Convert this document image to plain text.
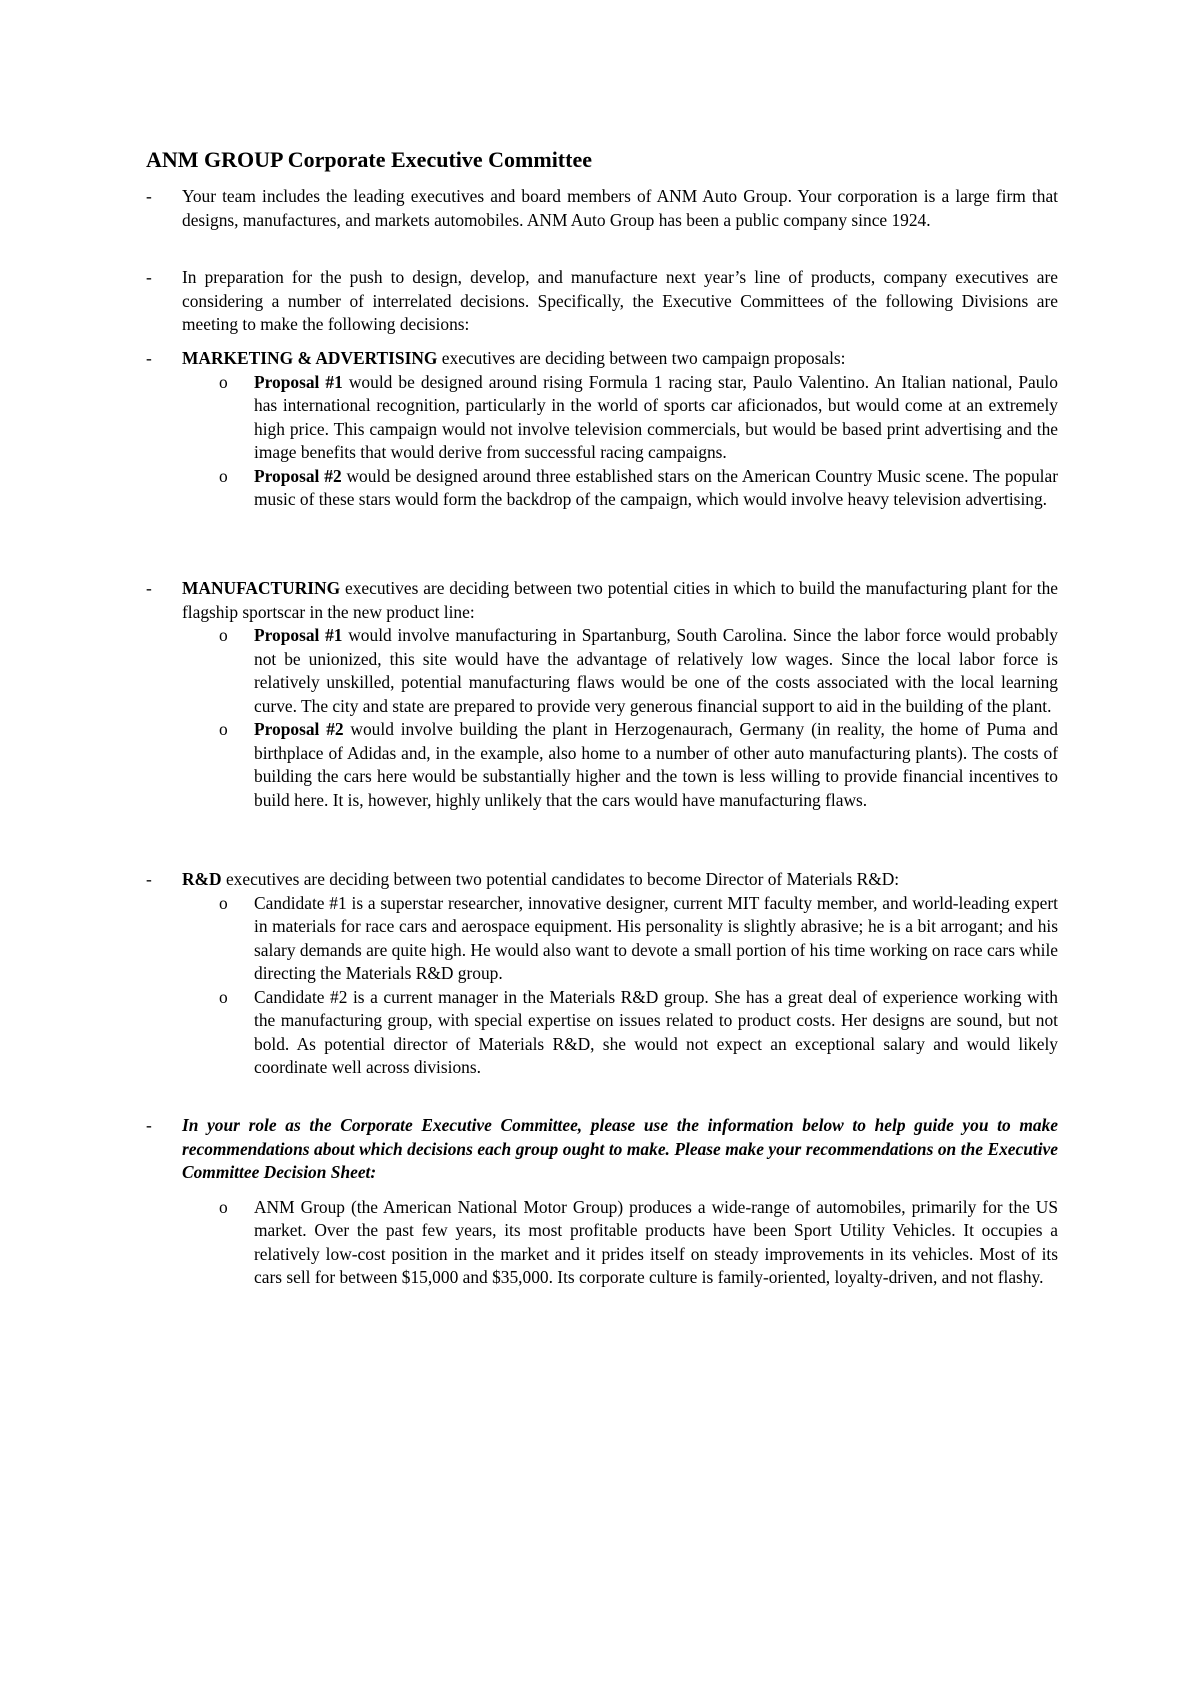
ANM GROUP Corporate Executive Committee
- Your team includes the leading executives and board members of ANM Auto Group. Your corporation is a large firm that designs, manufactures, and markets automobiles. ANM Auto Group has been a public company since 1924.
- In preparation for the push to design, develop, and manufacture next year’s line of products, company executives are considering a number of interrelated decisions. Specifically, the Executive Committees of the following Divisions are meeting to make the following decisions:
- MARKETING & ADVERTISING executives are deciding between two campaign proposals:
o Proposal #1 would be designed around rising Formula 1 racing star, Paulo Valentino. An Italian national, Paulo has international recognition, particularly in the world of sports car aficionados, but would come at an extremely high price. This campaign would not involve television commercials, but would be based print advertising and the image benefits that would derive from successful racing campaigns.
o Proposal #2 would be designed around three established stars on the American Country Music scene. The popular music of these stars would form the backdrop of the campaign, which would involve heavy television advertising.
- MANUFACTURING executives are deciding between two potential cities in which to build the manufacturing plant for the flagship sportscar in the new product line:
o Proposal #1 would involve manufacturing in Spartanburg, South Carolina. Since the labor force would probably not be unionized, this site would have the advantage of relatively low wages. Since the local labor force is relatively unskilled, potential manufacturing flaws would be one of the costs associated with the local learning curve. The city and state are prepared to provide very generous financial support to aid in the building of the plant.
o Proposal #2 would involve building the plant in Herzogenaurach, Germany (in reality, the home of Puma and birthplace of Adidas and, in the example, also home to a number of other auto manufacturing plants). The costs of building the cars here would be substantially higher and the town is less willing to provide financial incentives to build here. It is, however, highly unlikely that the cars would have manufacturing flaws.
- R&D executives are deciding between two potential candidates to become Director of Materials R&D:
o Candidate #1 is a superstar researcher, innovative designer, current MIT faculty member, and world-leading expert in materials for race cars and aerospace equipment. His personality is slightly abrasive; he is a bit arrogant; and his salary demands are quite high. He would also want to devote a small portion of his time working on race cars while directing the Materials R&D group.
o Candidate #2 is a current manager in the Materials R&D group. She has a great deal of experience working with the manufacturing group, with special expertise on issues related to product costs. Her designs are sound, but not bold. As potential director of Materials R&D, she would not expect an exceptional salary and would likely coordinate well across divisions.
- In your role as the Corporate Executive Committee, please use the information below to help guide you to make recommendations about which decisions each group ought to make. Please make your recommendations on the Executive Committee Decision Sheet:
o ANM Group (the American National Motor Group) produces a wide-range of automobiles, primarily for the US market. Over the past few years, its most profitable products have been Sport Utility Vehicles. It occupies a relatively low-cost position in the market and it prides itself on steady improvements in its vehicles. Most of its cars sell for between $15,000 and $35,000. Its corporate culture is family-oriented, loyalty-driven, and not flashy.
